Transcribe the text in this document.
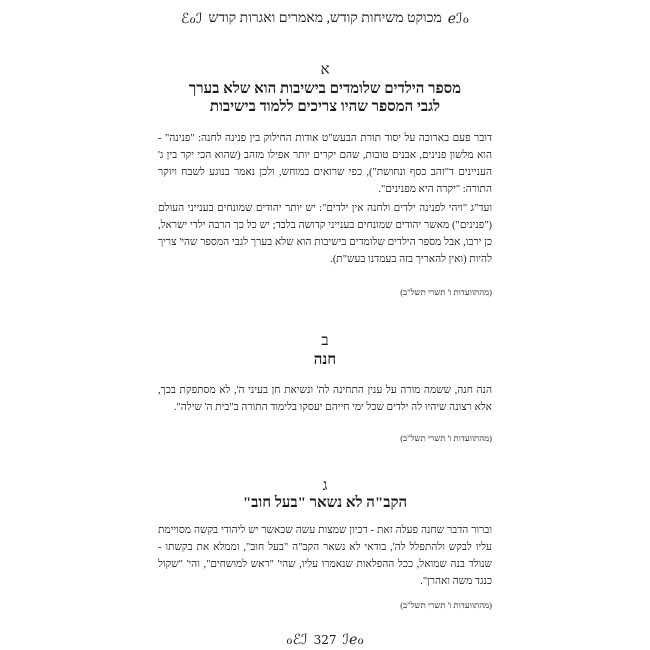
ℯℐℴ
מכוקט משיחות קודש, מאמרים ואגרות קודש
ℰℴℐ
א
מספר הילדים שלומדים בישיבות הוא שלא בערך
לגבי המספר שהיו צריכים ללמוד בישיבות
דובר פעם בארוכה על יסוד תורת הבעש"ט אודות החילוק בין פנינה לחנה: "פנינה" - הוא מלשון פנינים, אבנים טובות, שהם יקרים יותר אפילו מזהב (שהוא הכי יקר בין ג' העניינים ד"זהב כסף ונחושת"), כפי שרואים במוחש, ולכן נאמר בנוגע לשבח ויוקר התורה: "יקרה היא מפנינים".
ועד"ג "ויהי לפנינה ילדים ולחנה אין ילדים": יש יותר יהודים שמונחים בענייני העולם ("פנינים") מאשר יהודים שמונחים בענייני קדושה בלבד; יש כל כך הרבה ילדי ישראל, כן ירבו, אבל מספר הילדים שלומדים בישיבות הוא שלא בערך לגבי המספר שהי' צריך להיות (ואין להאריך בזה בעמדנו בעש"ת).
(מהתוועדות ו' תשרי תשל"ב)
ב
חנה
הנה חנה, ששמה מורה על ענין התחינה לה' ונשיאת חן בעיני ה', לא מסתפקת בכך, אלא רצונה שיהיו לה ילדים שכל ימי חייהם יעסקו בלימוד התורה ב"בית ה' שילה".
(מהתוועדות ו' תשרי תשל"ב)
ג
הקב"ה לא נשאר "בעל חוב"
וברור הדבר שחנה פעלה זאת - דכיון שמצות עשה שכאשר יש ליהודי בקשה מסויימת עליו לבקש ולהתפלל לה', בודאי לא נשאר הקב"ה "בעל חוב", וממלא את בקשתו - שנולד בנה שמואל, ככל ההפלאות שנאמרו עליו, שהי' "ראש למושחים", והי' "שקול כנגד משה ואהרן".
(מהתוועדות ו' תשרי תשל"ב)
ℴℰℐ 327 ℐℯℴ
